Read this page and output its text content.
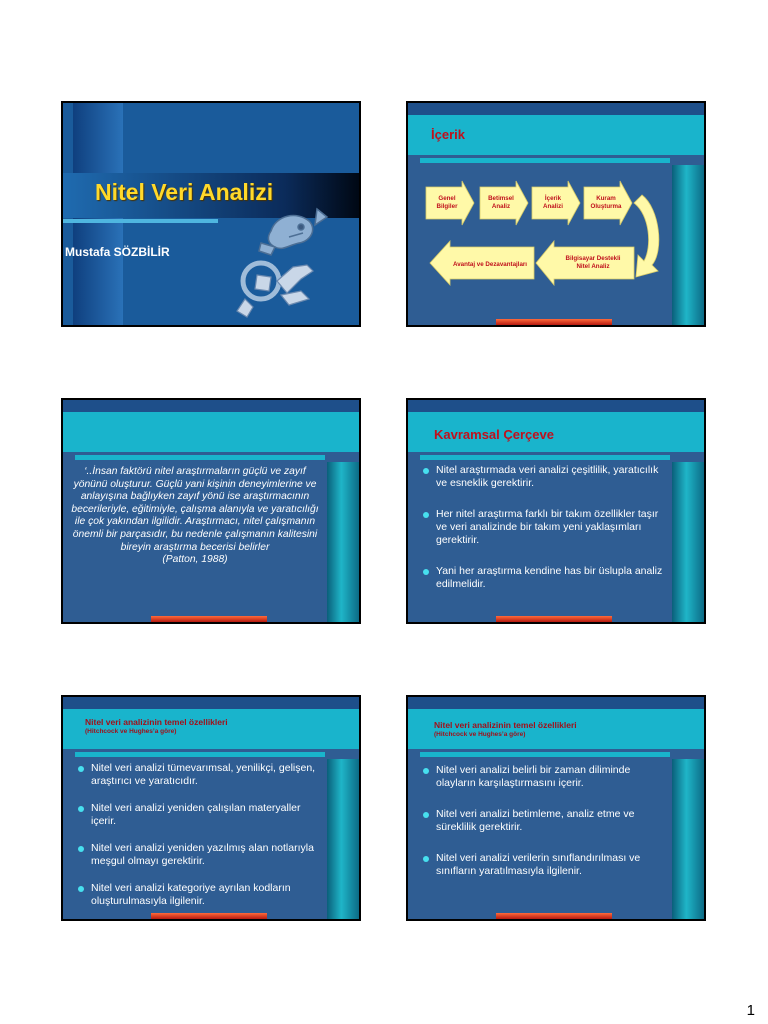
Nitel Veri Analizi
Mustafa SÖZBİLİR
İçerik
Genel Bilgiler
Betimsel Analiz
İçerik Analizi
Kuram Oluşturma
Bilgisayar Destekli Nitel Analiz
Avantaj ve Dezavantajları
‘..İnsan faktörü nitel araştırmaların güçlü ve zayıf yönünü oluşturur. Güçlü yani kişinin deneyimlerine ve anlayışına bağlıyken zayıf yönü ise araştırmacının becerileriyle, eğitimiyle, çalışma alanıyla ve yaratıcılığı ile çok yakından ilgilidir. Araştırmacı, nitel çalışmanın önemli bir parçasıdır, bu nedenle çalışmanın kalitesini bireyin araştırma becerisi belirler
(Patton, 1988)
Kavramsal Çerçeve
Nitel araştırmada veri analizi çeşitlilik, yaratıcılık ve esneklik gerektirir.
Her nitel araştırma farklı bir takım özellikler taşır ve veri analizinde bir takım yeni yaklaşımları gerektirir.
Yani her araştırma kendine has bir üslupla analiz edilmelidir.
Nitel veri analizinin temel özellikleri
(Hitchcock ve Hughes’a göre)
Nitel veri analizi tümevarımsal, yenilikçi, gelişen, araştırıcı ve yaratıcıdır.
Nitel veri analizi yeniden çalışılan materyaller içerir.
Nitel veri analizi yeniden yazılmış alan notlarıyla meşgul olmayı gerektirir.
Nitel veri analizi kategoriye ayrılan kodların oluşturulmasıyla ilgilenir.
Nitel veri analizinin temel özellikleri
(Hitchcock ve Hughes’a göre)
Nitel veri analizi belirli bir zaman diliminde olayların karşılaştırmasını içerir.
Nitel veri analizi betimleme, analiz etme ve süreklilik gerektirir.
Nitel veri analizi verilerin sınıflandırılması ve sınıfların yaratılmasıyla ilgilenir.
1
